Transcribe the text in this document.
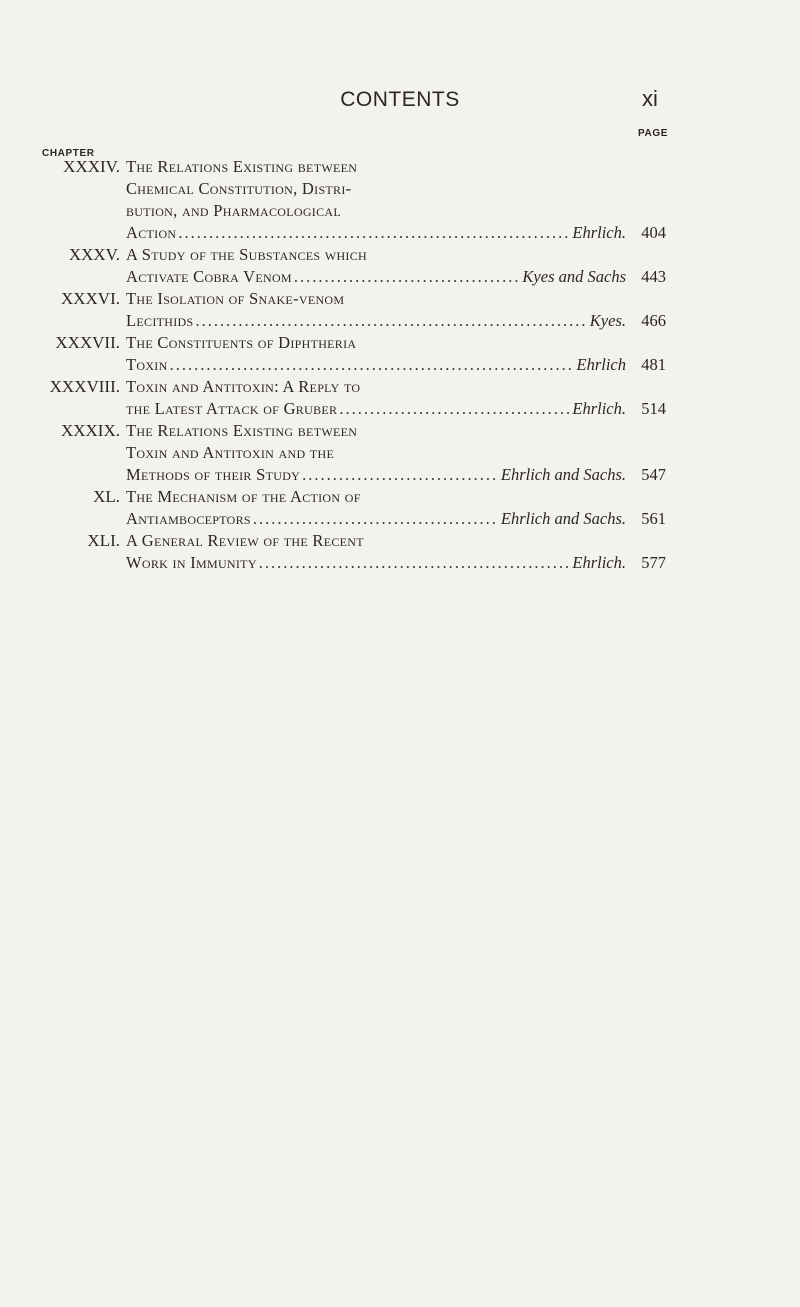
CONTENTS	xi
PAGE
CHAPTER
XXXIV. The Relations Existing between
Chemical Constitution, Distri-
bution, and Pharmacological
Action .....	Ehrlich. 404
XXXV. A Study of the Substances which
Activate Cobra Venom .....	Kyes and Sachs 443
XXXVI. The Isolation of Snake-venom
Lecithids .....	Kyes. 466
XXXVII. The Constituents of Diphtheria
Toxin .....	Ehrlich 481
XXXVIII. Toxin and Antitoxin: A Reply to
the Latest Attack of Gruber .....	Ehrlich. 514
XXXIX. The Relations Existing between
Toxin and Antitoxin and the
Methods of their Study .....	Ehrlich and Sachs. 547
XL. The Mechanism of the Action of
Antiamboceptors .....	Ehrlich and Sachs. 561
XLI. A General Review of the Recent
Work in Immunity .....	Ehrlich. 577
